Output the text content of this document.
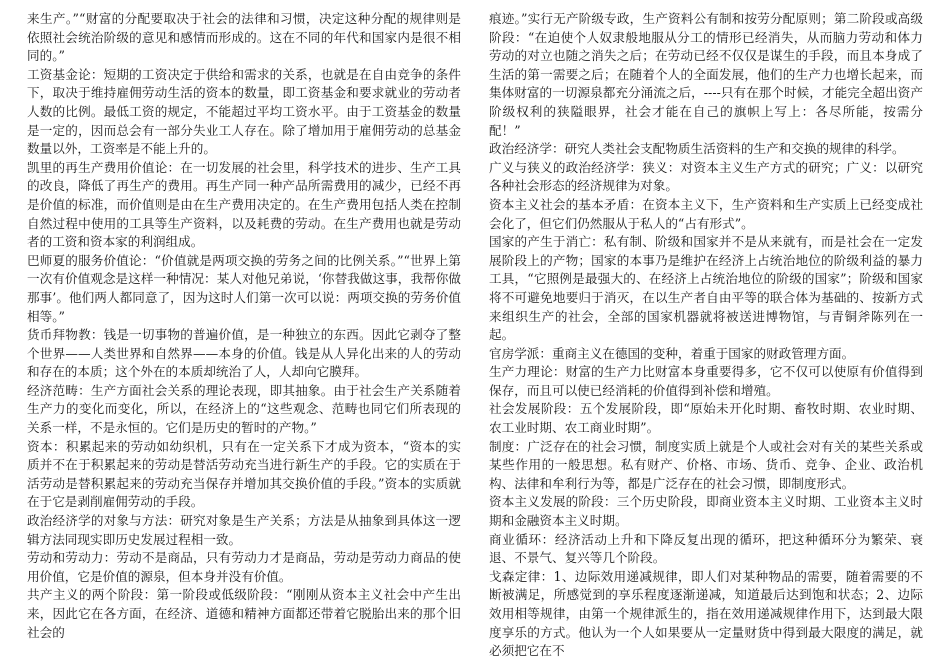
来生产。”“财富的分配要取决于社会的法律和习惯，决定这种分配的规律则是依照社会统治阶级的意见和感情而形成的。这在不同的年代和国家内是很不相同的。”

工资基金论：短期的工资决定于供给和需求的关系，也就是在自由竞争的条件下，取决于维持雇佣劳动生活的资本的数量，即工资基金和要求就业的劳动者人数的比例。最低工资的规定，不能超过平均工资水平。由于工资基金的数量是一定的，因而总会有一部分失业工人存在。除了增加用于雇佣劳动的总基金数量以外，工资率是不能上升的。

凯里的再生产费用价值论：在一切发展的社会里，科学技术的进步、生产工具的改良，降低了再生产的费用。再生产同一种产品所需费用的减少，已经不再是价值的标准，而价值则是由在生产费用决定的。在生产费用包括人类在控制自然过程中使用的工具等生产资料，以及耗费的劳动。在生产费用也就是劳动者的工资和资本家的利润组成。

巴师夏的服务价值论：“价值就是两项交换的劳务之间的比例关系。”“世界上第一次有价值观念是这样一种情况：某人对他兄弟说，‘你替我做这事，我帮你做那事’。他们两人都同意了，因为这时人们第一次可以说：两项交换的劳务价值相等。”

货币拜物教：钱是一切事物的普遍价值，是一种独立的东西。因此它剥夺了整个世界——人类世界和自然界——本身的价值。钱是从人异化出来的人的劳动和存在的本质；这个外在的本质却统治了人，人却向它膜拜。

经济范畴：生产方面社会关系的理论表现，即其抽象。由于社会生产关系随着生产力的变化而变化，所以，在经济上的“这些观念、范畴也同它们所表现的关系一样，不是永恒的。它们是历史的暂时的产物。”

资本：积累起来的劳动如幼织机，只有在一定关系下才成为资本，“资本的实质并不在于积累起来的劳动是替活劳动充当进行新生产的手段。它的实质在于活劳动是替积累起来的劳动充当保存并增加其交换价值的手段。”资本的实质就在于它是剥削雇佣劳动的手段。

政治经济学的对象与方法：研究对象是生产关系；方法是从抽象到具体这一逻辑方法同现实即历史发展过程相一致。

劳动和劳动力：劳动不是商品，只有劳动力才是商品，劳动是劳动力商品的使用价值，它是价值的源泉，但本身并没有价值。

共产主义的两个阶段：第一阶段或低级阶段：“刚刚从资本主义社会中产生出来，因此它在各方面，在经济、道德和精神方面都还带着它脱胎出来的那个旧社会的

痕迹。”实行无产阶级专政，生产资料公有制和按劳分配原则；第二阶段或高级阶段：“在迫使个人奴隶般地服从分工的情形已经消失，从而脑力劳动和体力劳动的对立也随之消失之后；在劳动已经不仅仅是谋生的手段，而且本身成了生活的第一需要之后；在随着个人的全面发展，他们的生产力也增长起来，而集体财富的一切源泉都充分涌流之后，----只有在那个时候，才能完全超出资产阶级权利的狭隘眼界，社会才能在自己的旗帜上写上：各尽所能，按需分配！”

政治经济学：研究人类社会支配物质生活资料的生产和交换的规律的科学。

广义与狭义的政治经济学：狭义：对资本主义生产方式的研究；广义：以研究各种社会形态的经济规律为对象。

资本主义社会的基本矛盾：在资本主义下，生产资料和生产实质上已经变成社会化了，但它们仍然服从于私人的“占有形式”。

国家的产生于消亡：私有制、阶级和国家并不是从来就有，而是社会在一定发展阶段上的产物；国家的本事乃是维护在经济上占统治地位的阶级利益的暴力工具，“它照例是最强大的、在经济上占统治地位的阶级的国家”；阶级和国家将不可避免地要归于消灭，在以生产者自由平等的联合体为基础的、按新方式来组织生产的社会，全部的国家机器就将被送进博物馆，与青铜斧陈列在一起。

官房学派：重商主义在德国的变种，着重于国家的财政管理方面。

生产力理论：财富的生产力比财富本身重要得多，它不仅可以使原有价值得到保存，而且可以使已经消耗的价值得到补偿和增殖。

社会发展阶段：五个发展阶段，即“原始未开化时期、畜牧时期、农业时期、农工业时期、农工商业时期”。

制度：广泛存在的社会习惯，制度实质上就是个人或社会对有关的某些关系或某些作用的一般思想。私有财产、价格、市场、货币、竞争、企业、政治机构、法律和牟利行为等，都是广泛存在的社会习惯，即制度形式。

资本主义发展的阶段：三个历史阶段，即商业资本主义时期、工业资本主义时期和金融资本主义时期。

商业循环：经济活动上升和下降反复出现的循环，把这种循环分为繁荣、衰退、不景气、复兴等几个阶段。

戈森定律：1、边际效用递减规律，即人们对某种物品的需要，随着需要的不断被满足，所感觉到的享乐程度逐渐递减，知道最后达到饱和状态；2、边际效用相等规律，由第一个规律派生的，指在效用递减规律作用下，达到最大限度享乐的方式。他认为一个人如果要从一定量财货中得到最大限度的满足，就必须把它在不
